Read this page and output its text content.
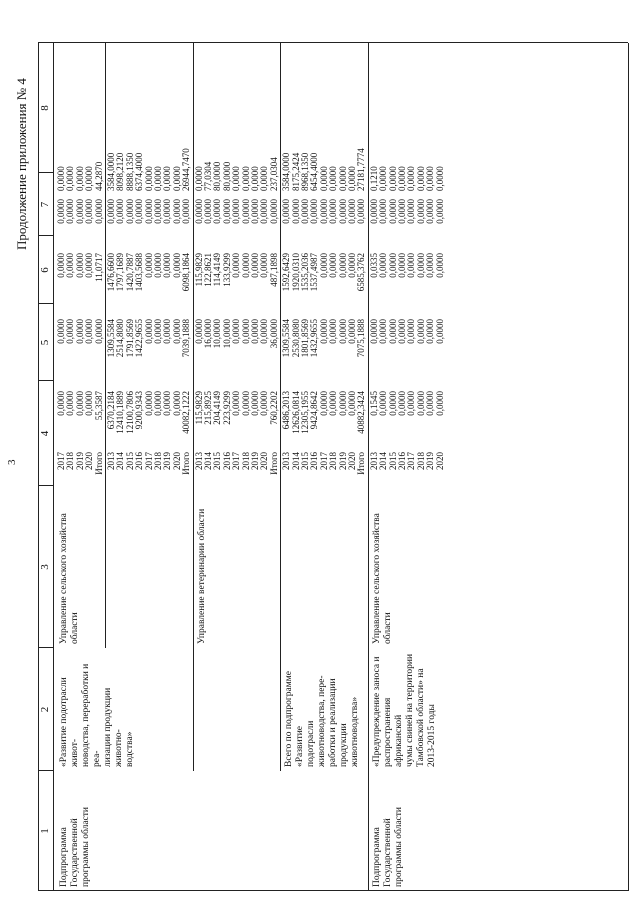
3
Продолжение приложения № 4
1
2
3
4
5
6
7
8
Подпрограмма
Государственной
программы области
«Развитие подотрасли живот-
новодства, переработки и реа-
лизации продукции животно-
водства»
Управление сельского хозяйства
области
2017
0,0000
0,0000
0,0000
0,0000
0,0000
2018
0,0000
0,0000
0,0000
0,0000
0,0000
2019
0,0000
0,0000
0,0000
0,0000
0,0000
2020
0,0000
0,0000
0,0000
0,0000
0,0000
Итого
55,3587
0,0000
11,0717
0,0000
44,2870
2013
6370,2184
1309,5584
1476,6600
0,0000
3584,0000
2014
12410,1889
2514,8080
1797,1689
0,0000
8098,2120
2015
12100,7806
1791,8569
1420,7887
0,0000
8888,1350
2016
9200,9343
1422,9655
1403,5688
0,0000
6374,4000
2017
0,0000
0,0000
0,0000
0,0000
0,0000
2018
0,0000
0,0000
0,0000
0,0000
0,0000
2019
0,0000
0,0000
0,0000
0,0000
0,0000
2020
0,0000
0,0000
0,0000
0,0000
0,0000
Итого
40082,1222
7039,1888
6098,1864
0,0000
26944,7470
Управление ветеринарии области
2013
115,9829
0,0000
115,9829
0,0000
0,0000
2014
215,8925
16,0000
122,8621
0,0000
77,0304
2015
204,4149
10,0000
114,4149
0,0000
80,0000
2016
223,9299
10,0000
133,9299
0,0000
80,0000
2017
0,0000
0,0000
0,0000
0,0000
0,0000
2018
0,0000
0,0000
0,0000
0,0000
0,0000
2019
0,0000
0,0000
0,0000
0,0000
0,0000
2020
0,0000
0,0000
0,0000
0,0000
0,0000
Итого
760,2202
36,0000
487,1898
0,0000
237,0304
Всего по подпрограмме «Развитие
подотрасли животноводства, пере-
работки и реализации продукции
животноводства»
2013
6486,2013
1309,5584
1592,6429
0,0000
3584,0000
2014
12626,0814
2530,8080
1920,0310
0,0000
8175,2424
2015
12305,1955
1801,8569
1535,2036
0,0000
8968,1350
2016
9424,8642
1432,9655
1537,4987
0,0000
6454,4000
2017
0,0000
0,0000
0,0000
0,0000
0,0000
2018
0,0000
0,0000
0,0000
0,0000
0,0000
2019
0,0000
0,0000
0,0000
0,0000
0,0000
2020
0,0000
0,0000
0,0000
0,0000
0,0000
Итого
40882,3424
7075,1888
6585,3762
0,0000
27181,7774
Подпрограмма
Государственной
программы области
«Предупреждение заноса и
распространения африканской
чумы свиней на территории
Тамбовской области» на
2013-2015 годы
Управление сельского хозяйства
области
2013
0,1545
0,0000
0,0335
0,0000
0,1210
2014
0,0000
0,0000
0,0000
0,0000
0,0000
2015
0,0000
0,0000
0,0000
0,0000
0,0000
2016
0,0000
0,0000
0,0000
0,0000
0,0000
2017
0,0000
0,0000
0,0000
0,0000
0,0000
2018
0,0000
0,0000
0,0000
0,0000
0,0000
2019
0,0000
0,0000
0,0000
0,0000
0,0000
2020
0,0000
0,0000
0,0000
0,0000
0,0000
